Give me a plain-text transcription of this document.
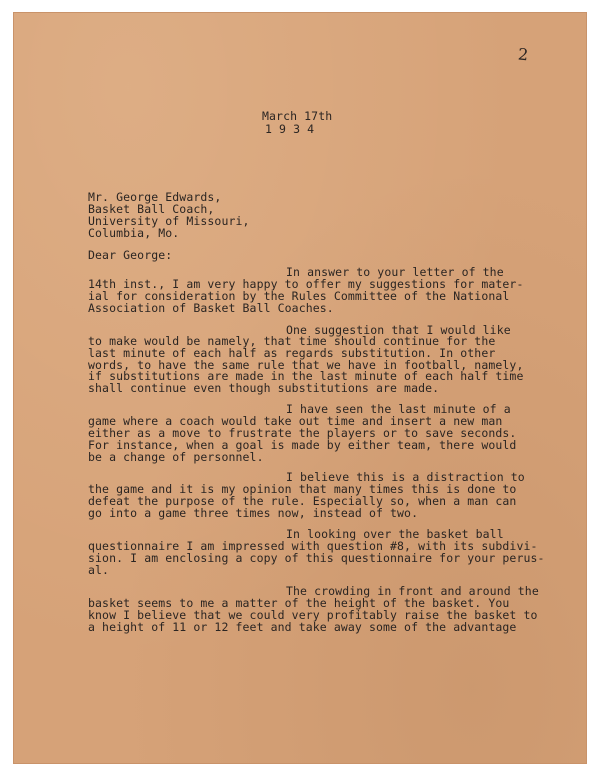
2
March 17th
1 9 3 4
Mr. George Edwards,
Basket Ball Coach,
University of Missouri,
Columbia, Mo.
Dear George:
In answer to your letter of the
14th inst., I am very happy to offer my suggestions for mater-
ial for consideration by the Rules Committee of the National
Association of Basket Ball Coaches.
One suggestion that I would like
to make would be namely, that time should continue for the
last minute of each half as regards substitution. In other
words, to have the same rule that we have in football, namely,
if substitutions are made in the last minute of each half time
shall continue even though substitutions are made.
I have seen the last minute of a
game where a coach would take out time and insert a new man
either as a move to frustrate the players or to save seconds.
For instance, when a goal is made by either team, there would
be a change of personnel.
I believe this is a distraction to
the game and it is my opinion that many times this is done to
defeat the purpose of the rule. Especially so, when a man can
go into a game three times now, instead of two.
In looking over the basket ball
questionnaire I am impressed with question #8, with its subdivi-
sion. I am enclosing a copy of this questionnaire for your perus-
al.
The crowding in front and around the
basket seems to me a matter of the height of the basket. You
know I believe that we could very profitably raise the basket to
a height of 11 or 12 feet and take away some of the advantage
